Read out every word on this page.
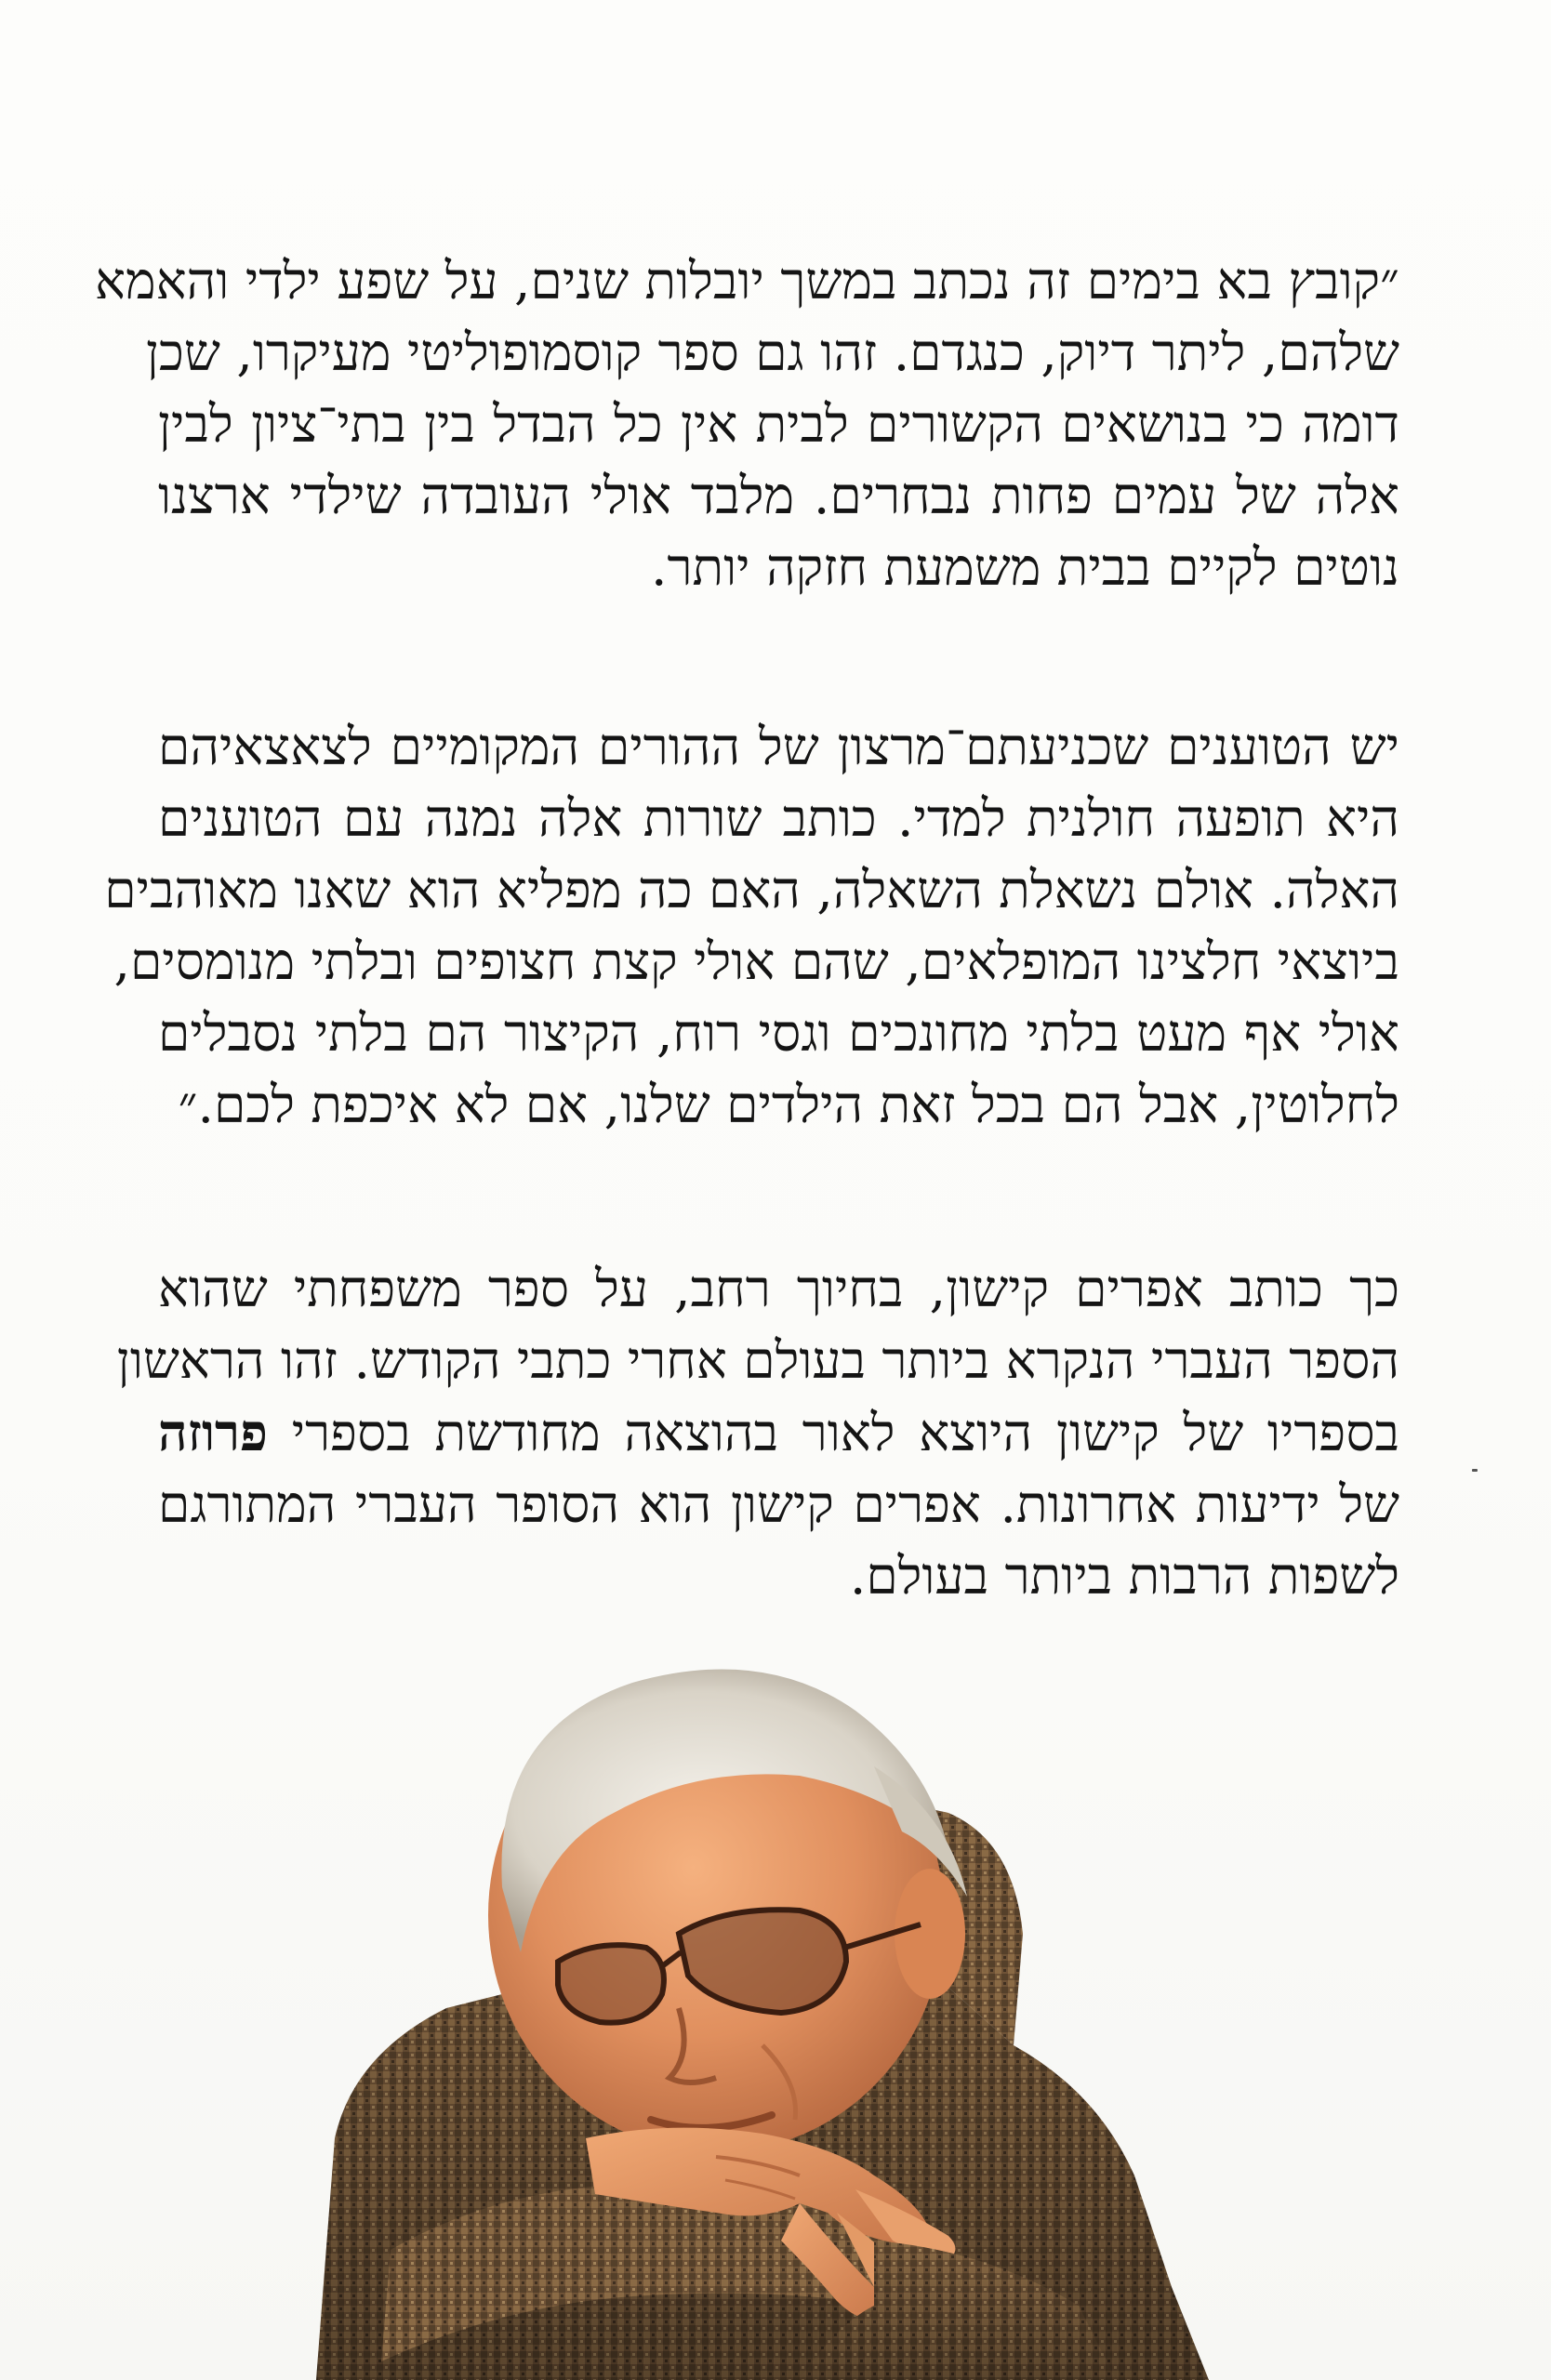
״קובץ בא בימים זה נכתב במשך יובלות שנים, על שפע ילדי והאמא
שלהם, ליתר דיוק, כנגדם. זהו גם ספר קוסמופוליטי מעיקרו, שכן
דומה כי בנושאים הקשורים לבית אין כל הבדל בין בתי־ציון לבין
אלה של עמים פחות נבחרים. מלבד אולי העובדה שילדי ארצנו
נוטים לקיים בבית משמעת חזקה יותר.
יש הטוענים שכניעתם־מרצון של ההורים המקומיים לצאצאיהם
היא תופעה חולנית למדי. כותב שורות אלה נמנה עם הטוענים
האלה. אולם נשאלת השאלה, האם כה מפליא הוא שאנו מאוהבים
ביוצאי חלצינו המופלאים, שהם אולי קצת חצופים ובלתי מנומסים,
אולי אף מעט בלתי מחונכים וגסי רוח, הקיצור הם בלתי נסבלים
לחלוטין, אבל הם בכל זאת הילדים שלנו, אם לא איכפת לכם.״
כך כותב אפרים קישון, בחיוך רחב, על ספר משפחתי שהוא
הספר העברי הנקרא ביותר בעולם אחרי כתבי הקודש. זהו הראשון
בספריו של קישון היוצא לאור בהוצאה מחודשת בספרי פרוזה
של ידיעות אחרונות. אפרים קישון הוא הסופר העברי המתורגם
לשפות הרבות ביותר בעולם.
